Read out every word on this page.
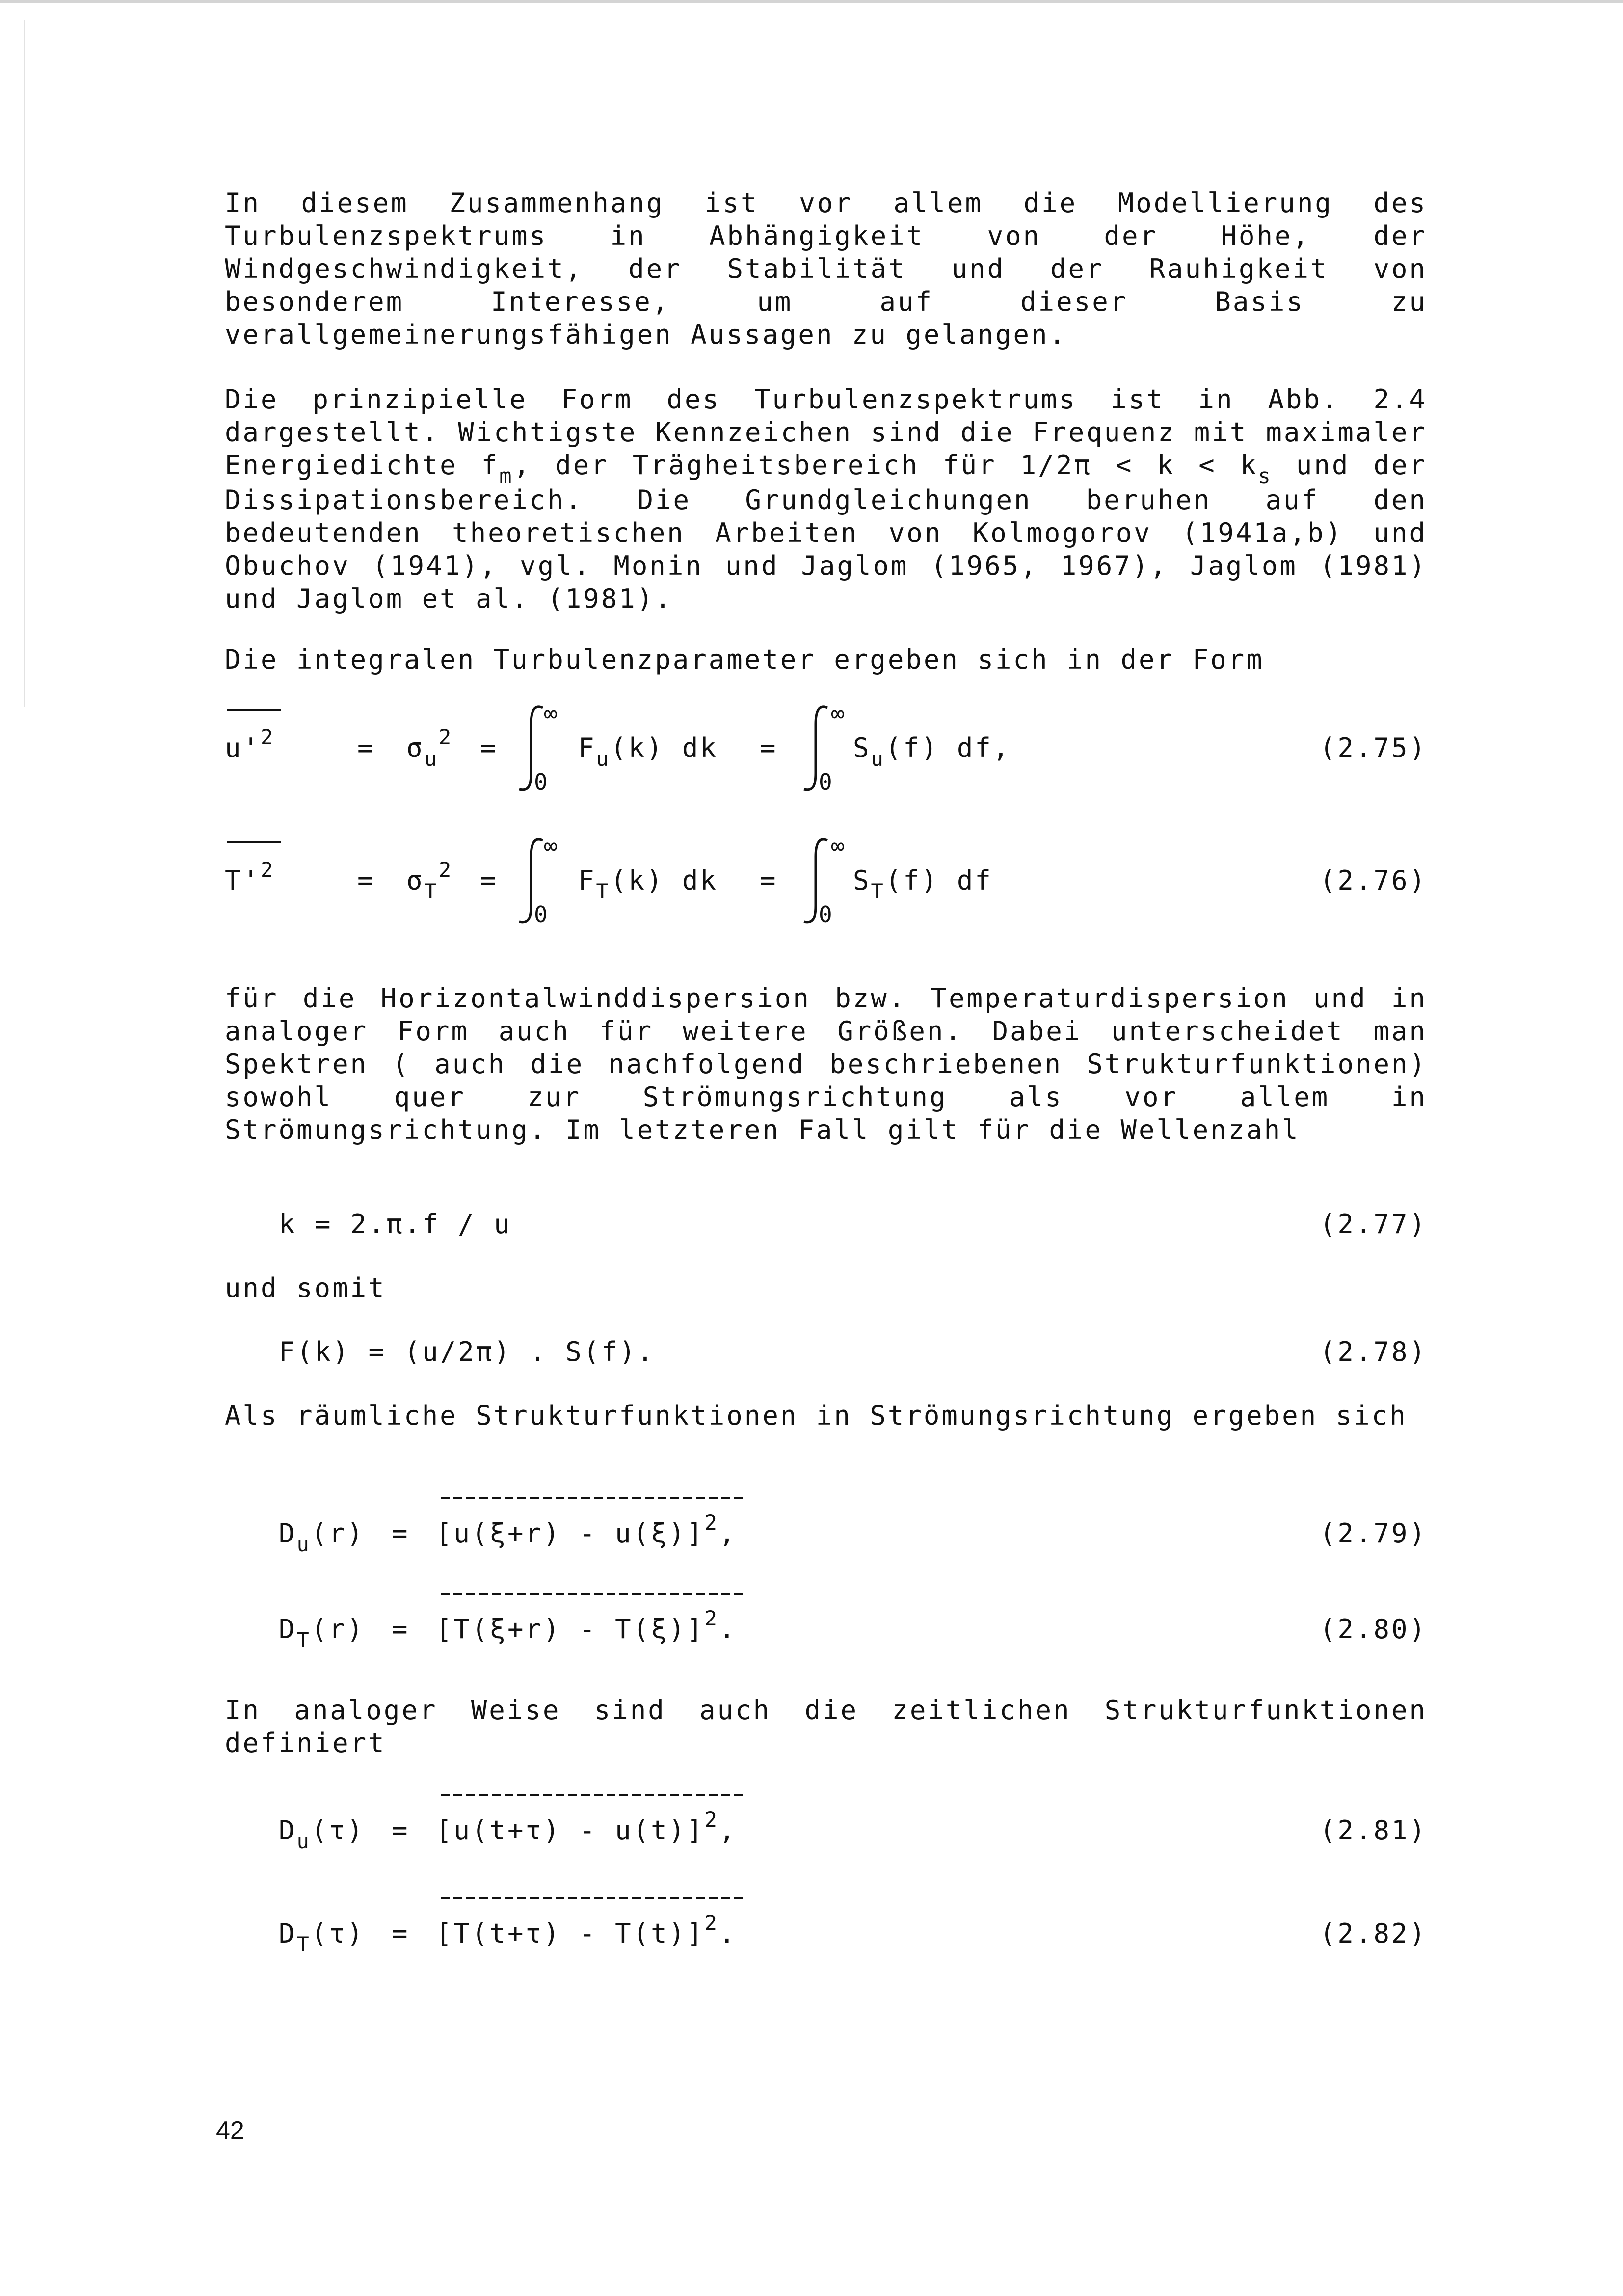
In diesem Zusammenhang ist vor allem die Modellierung des Turbulenzspektrums in Abhängigkeit von der Höhe, der Windgeschwindigkeit, der Stabilität und der Rauhigkeit von besonderem Interesse, um auf dieser Basis zu verallgemeinerungsfähigen Aussagen zu gelangen.

Die prinzipielle Form des Turbulenzspektrums ist in Abb. 2.4 dargestellt. Wichtigste Kennzeichen sind die Frequenz mit maximaler Energiedichte $f_m$, der Trägheitsbereich für $1/2\pi < k < k_s$ und der Dissipationsbereich. Die Grundgleichungen beruhen auf den bedeutenden theoretischen Arbeiten von Kolmogorov (1941a,b) und Obuchov (1941), vgl. Monin und Jaglom (1965, 1967), Jaglom (1981) und Jaglom et al. (1981).

Die integralen Turbulenzparameter ergeben sich in der Form

$u'^2$	= $\sigma_u^2$ =
∞
0
$F_u(k)$ dk =
∞
0
$S_u(f)$ df,	(2.75)
$T'^2$	= $\sigma_T^2$ =
∞
0
$F_T(k)$ dk =
∞
0
$S_T(f)$ df	(2.76)

für die Horizontalwinddispersion bzw. Temperaturdispersion und in analoger Form auch für weitere Größen. Dabei unterscheidet man Spektren ( auch die nachfolgend beschriebenen Strukturfunktionen) sowohl quer zur Strömungsrichtung als vor allem in Strömungsrichtung. Im letzteren Fall gilt für die Wellenzahl

k = 2.π.f / u	(2.77)

und somit

F(k) = (u/2π) . S(f).	(2.78)

Als räumliche Strukturfunktionen in Strömungsrichtung ergeben sich

$D_u(r) = [u(\xi+r) - u(\xi)]^2$,	(2.79)
$D_T(r) = [T(\xi+r) - T(\xi)]^2$.	(2.80)

In analoger Weise sind auch die zeitlichen Strukturfunktionen definiert

$D_u(\tau) = [u(t+\tau) - u(t)]^2$,	(2.81)
$D_T(\tau) = [T(t+\tau) - T(t)]^2$.	(2.82)
42
